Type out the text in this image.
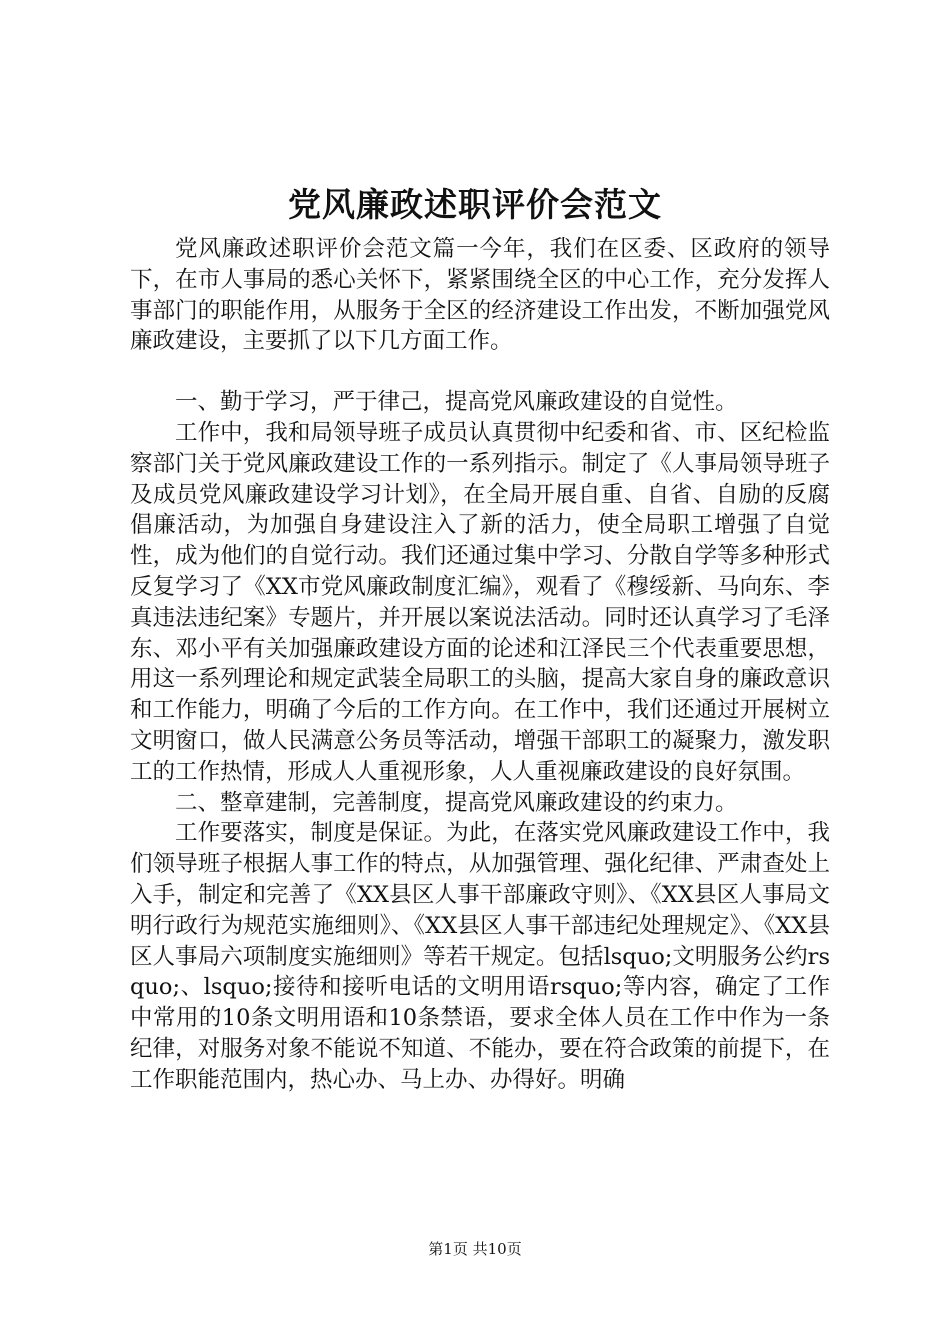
党风廉政述职评价会范文

党风廉政述职评价会范文篇一今年，我们在区委、区政府的领导下，在市人事局的悉心关怀下，紧紧围绕全区的中心工作，充分发挥人事部门的职能作用，从服务于全区的经济建设工作出发，不断加强党风廉政建设，主要抓了以下几方面工作。

一、勤于学习，严于律己，提高党风廉政建设的自觉性。

工作中，我和局领导班子成员认真贯彻中纪委和省、市、区纪检监察部门关于党风廉政建设工作的一系列指示。制定了《人事局领导班子及成员党风廉政建设学习计划》，在全局开展自重、自省、自励的反腐倡廉活动，为加强自身建设注入了新的活力，使全局职工增强了自觉性，成为他们的自觉行动。我们还通过集中学习、分散自学等多种形式反复学习了《XX市党风廉政制度汇编》，观看了《穆绥新、马向东、李真违法违纪案》专题片，并开展以案说法活动。同时还认真学习了毛泽东、邓小平有关加强廉政建设方面的论述和江泽民三个代表重要思想，用这一系列理论和规定武装全局职工的头脑，提高大家自身的廉政意识和工作能力，明确了今后的工作方向。在工作中，我们还通过开展树立文明窗口，做人民满意公务员等活动，增强干部职工的凝聚力，激发职工的工作热情，形成人人重视形象，人人重视廉政建设的良好氛围。

二、整章建制，完善制度，提高党风廉政建设的约束力。

工作要落实，制度是保证。为此，在落实党风廉政建设工作中，我们领导班子根据人事工作的特点，从加强管理、强化纪律、严肃查处上入手，制定和完善了《XX县区人事干部廉政守则》、《XX县区人事局文明行政行为规范实施细则》、《XX县区人事干部违纪处理规定》、《XX县区人事局六项制度实施细则》等若干规定。包括lsquo;文明服务公约rsquo;、lsquo;接待和接听电话的文明用语rsquo;等内容，确定了工作中常用的10条文明用语和10条禁语，要求全体人员在工作中作为一条纪律，对服务对象不能说不知道、不能办，要在符合政策的前提下，在工作职能范围内，热心办、马上办、办得好。明确

第1页 共10页
